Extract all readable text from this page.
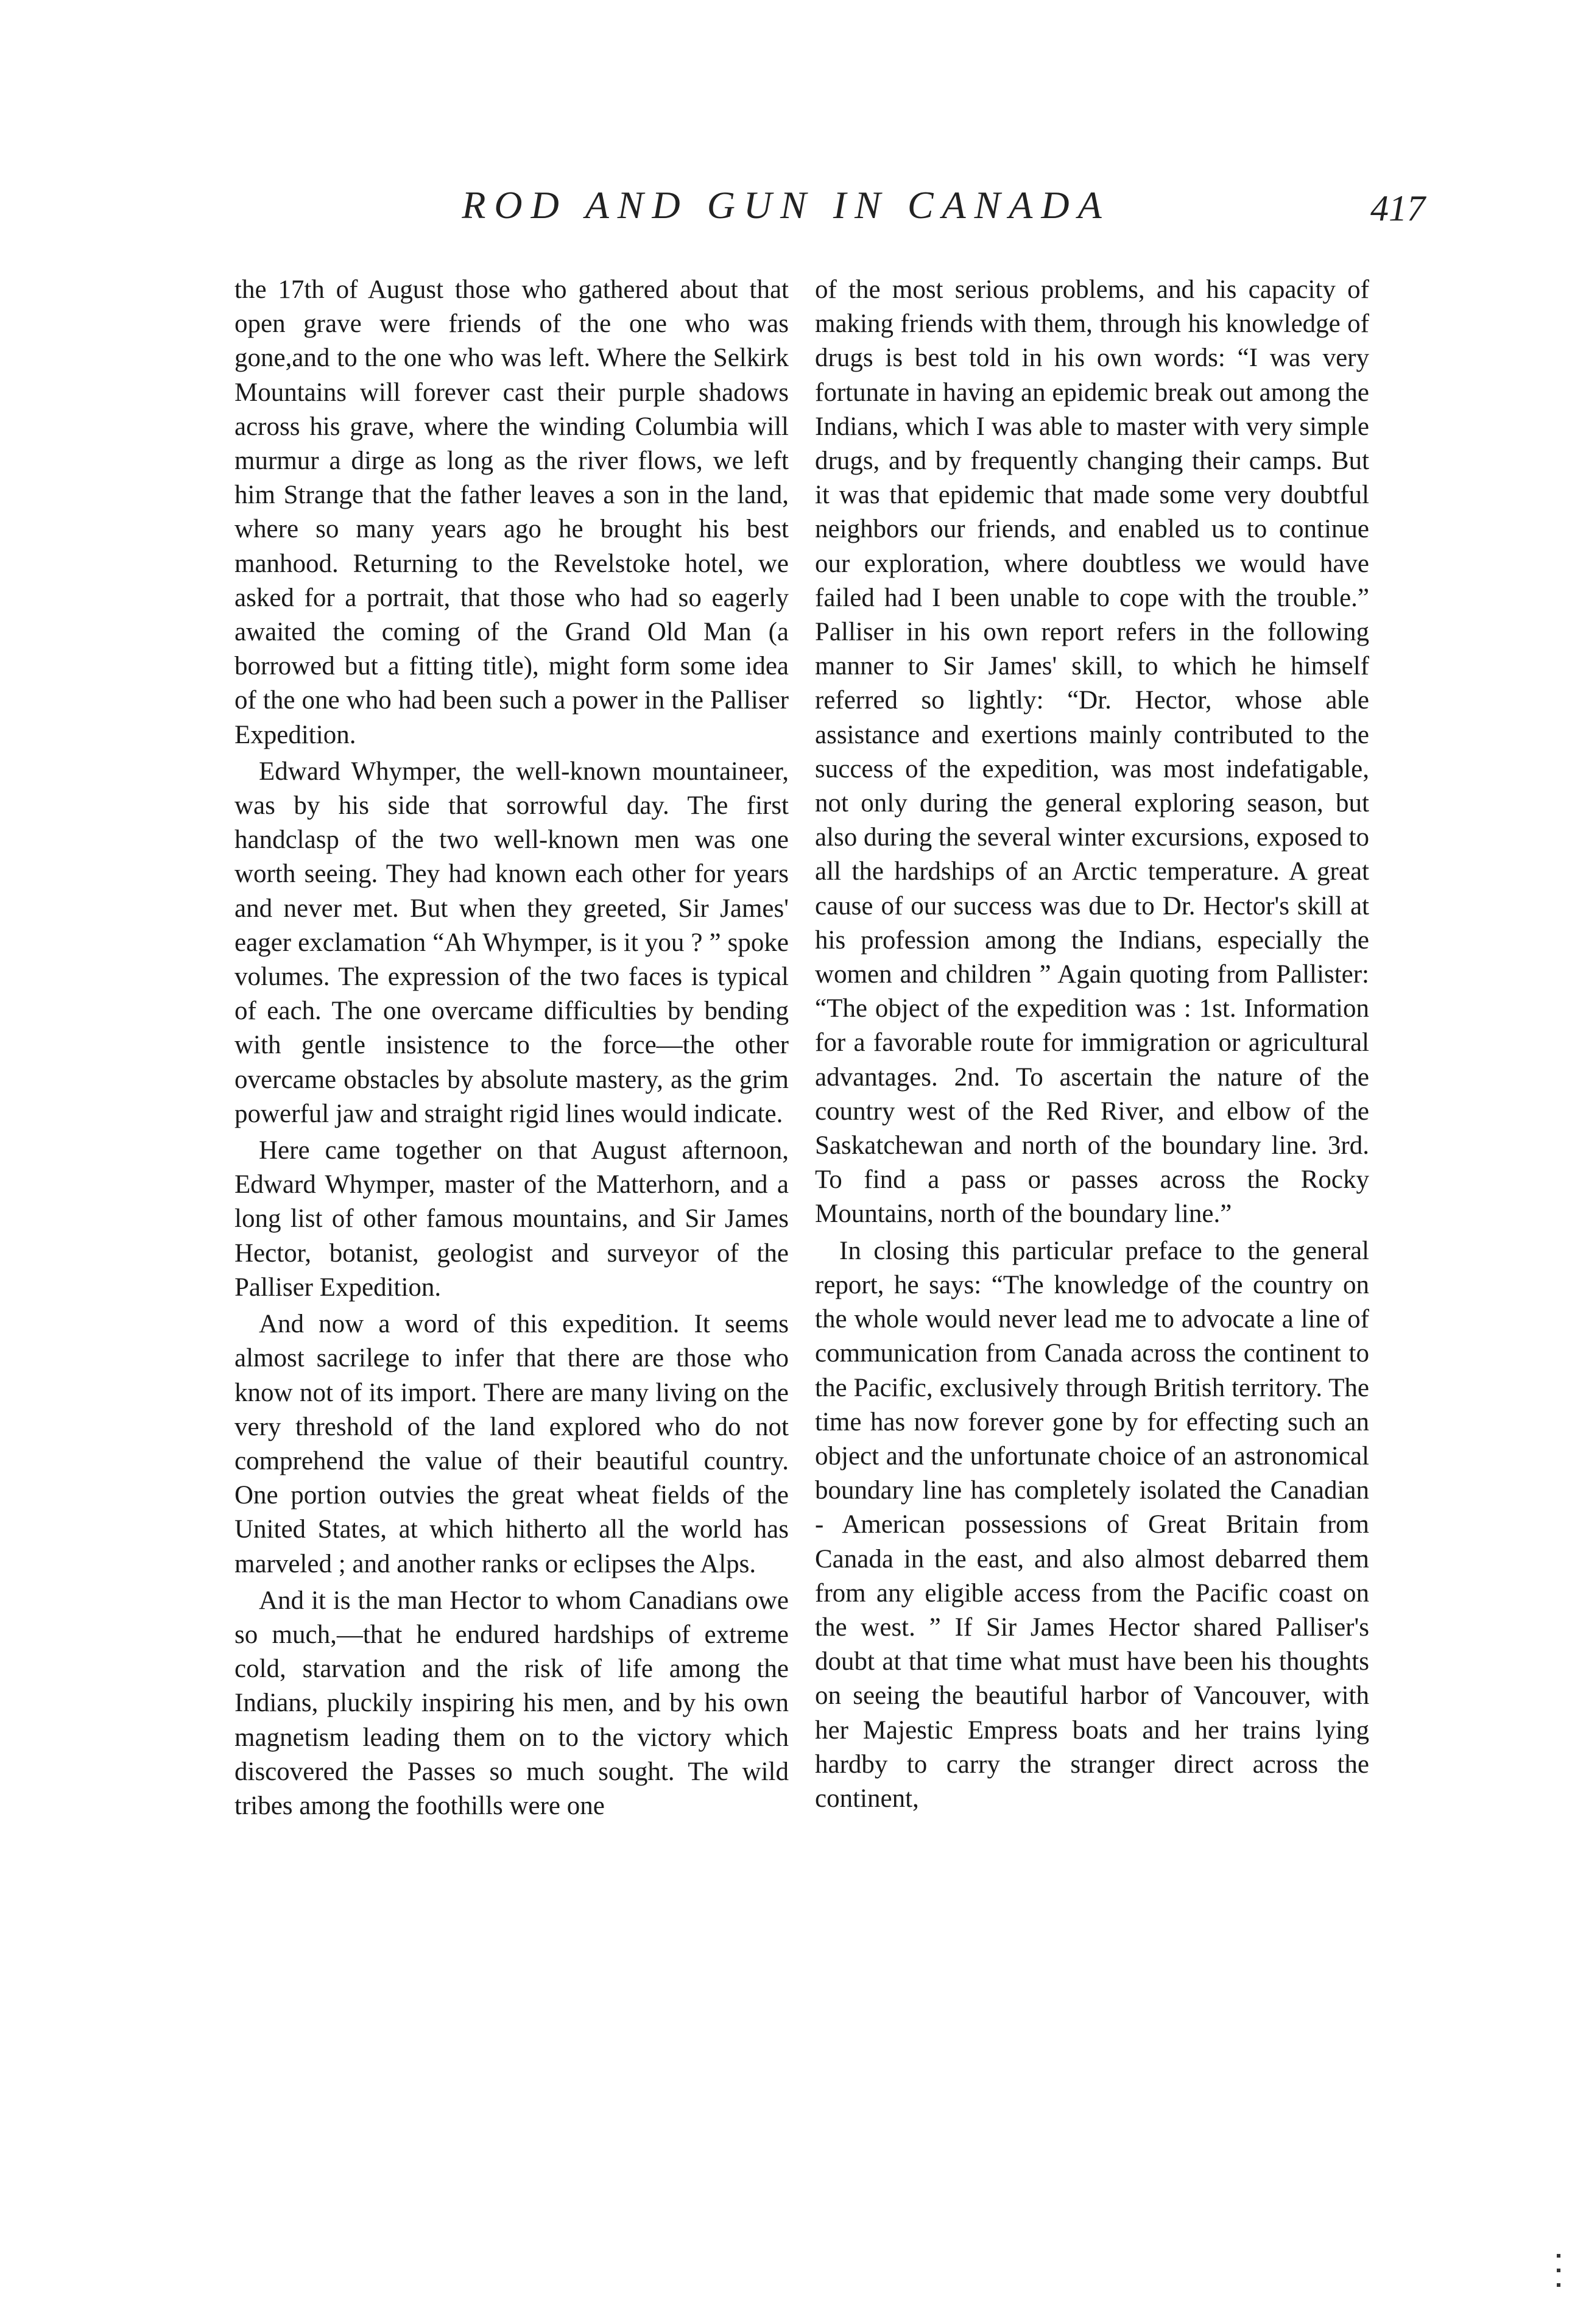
ROD AND GUN IN CANADA	417

the 17th of August those who gathered about that open grave were friends of the one who was gone,and to the one who was left. Where the Selkirk Mountains will forever cast their purple shadows across his grave, where the winding Columbia will murmur a dirge as long as the river flows, we left him Strange that the father leaves a son in the land, where so many years ago he brought his best manhood. Returning to the Revelstoke hotel, we asked for a portrait, that those who had so eagerly awaited the coming of the Grand Old Man (a borrowed but a fitting title), might form some idea of the one who had been such a power in the Palliser Expedition.

Edward Whymper, the well-known mountaineer, was by his side that sorrowful day. The first handclasp of the two well-known men was one worth seeing. They had known each other for years and never met. But when they greeted, Sir James' eager exclamation “Ah Whymper, is it you ? ” spoke volumes. The expression of the two faces is typical of each. The one overcame difficulties by bending with gentle insistence to the force—the other overcame obstacles by absolute mastery, as the grim powerful jaw and straight rigid lines would indicate.

Here came together on that August afternoon, Edward Whymper, master of the Matterhorn, and a long list of other famous mountains, and Sir James Hector, botanist, geologist and surveyor of the Palliser Expedition.

And now a word of this expedition. It seems almost sacrilege to infer that there are those who know not of its import. There are many living on the very threshold of the land explored who do not comprehend the value of their beautiful country. One portion outvies the great wheat fields of the United States, at which hitherto all the world has marveled ; and another ranks or eclipses the Alps.

And it is the man Hector to whom Canadians owe so much,—that he endured hardships of extreme cold, starvation and the risk of life among the Indians, pluckily inspiring his men, and by his own magnetism leading them on to the victory which discovered the Passes so much sought. The wild tribes among the foothills were one

of the most serious problems, and his capacity of making friends with them, through his knowledge of drugs is best told in his own words: “I was very fortunate in having an epidemic break out among the Indians, which I was able to master with very simple drugs, and by frequently changing their camps. But it was that epidemic that made some very doubtful neighbors our friends, and enabled us to continue our exploration, where doubtless we would have failed had I been unable to cope with the trouble.” Palliser in his own report refers in the following manner to Sir James' skill, to which he himself referred so lightly: “Dr. Hector, whose able assistance and exertions mainly contributed to the success of the expedition, was most indefatigable, not only during the general exploring season, but also during the several winter excursions, exposed to all the hardships of an Arctic temperature. A great cause of our success was due to Dr. Hector's skill at his profession among the Indians, especially the women and children ” Again quoting from Pallister: “The object of the expedition was : 1st. Information for a favorable route for immigration or agricultural advantages. 2nd. To ascertain the nature of the country west of the Red River, and elbow of the Saskatchewan and north of the boundary line. 3rd. To find a pass or passes across the Rocky Mountains, north of the boundary line.”

In closing this particular preface to the general report, he says: “The knowledge of the country on the whole would never lead me to advocate a line of communication from Canada across the continent to the Pacific, exclusively through British territory. The time has now forever gone by for effecting such an object and the unfortunate choice of an astronomical boundary line has completely isolated the Canadian - American possessions of Great Britain from Canada in the east, and also almost debarred them from any eligible access from the Pacific coast on the west. ” If Sir James Hector shared Palliser's doubt at that time what must have been his thoughts on seeing the beautiful harbor of Vancouver, with her Majestic Empress boats and her trains lying hardby to carry the stranger direct across the continent,
